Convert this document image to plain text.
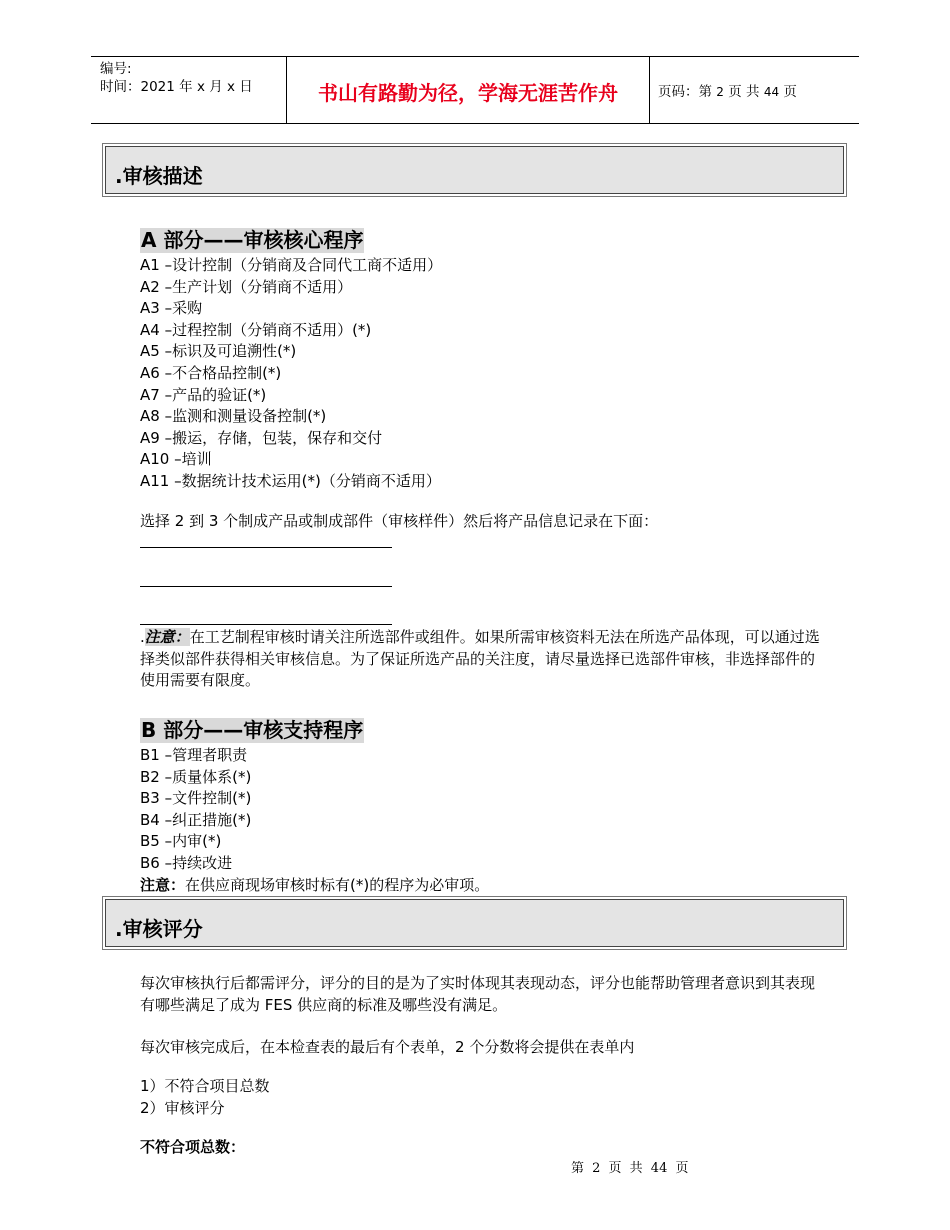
编号:
时间：2021 年 x 月 x 日	书山有路勤为径，学海无涯苦作舟	页码：第 2 页 共 44 页
.审核描述
A 部分——审核核心程序
A1 –设计控制（分销商及合同代工商不适用）
A2 –生产计划（分销商不适用）
A3 –采购
A4 –过程控制（分销商不适用）(*)
A5 –标识及可追溯性(*)
A6 –不合格品控制(*)
A7 –产品的验证(*)
A8 –监测和测量设备控制(*)
A9 –搬运，存储，包装，保存和交付
A10 –培训
A11 –数据统计技术运用(*)（分销商不适用）
选择 2 到 3 个制成产品或制成部件（审核样件）然后将产品信息记录在下面：
.注意：在工艺制程审核时请关注所选部件或组件。如果所需审核资料无法在所选产品体现，可以通过选择类似部件获得相关审核信息。为了保证所选产品的关注度，请尽量选择已选部件审核，非选择部件的使用需要有限度。
B 部分——审核支持程序
B1 –管理者职责
B2 –质量体系(*)
B3 –文件控制(*)
B4 –纠正措施(*)
B5 –内审(*)
B6 –持续改进
注意：在供应商现场审核时标有(*)的程序为必审项。
.审核评分
每次审核执行后都需评分，评分的目的是为了实时体现其表现动态，评分也能帮助管理者意识到其表现有哪些满足了成为 FES 供应商的标准及哪些没有满足。
每次审核完成后，在本检查表的最后有个表单，2 个分数将会提供在表单内
1）不符合项目总数
2）审核评分
不符合项总数：
第 2 页 共 44 页
